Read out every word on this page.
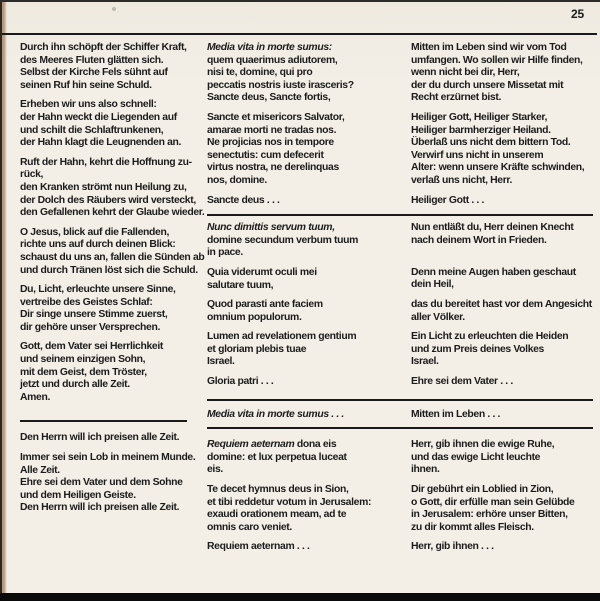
25

Durch ihn schöpft der Schiffer Kraft,
des Meeres Fluten glätten sich.
Selbst der Kirche Fels sühnt auf
seinen Ruf hin seine Schuld.

Erheben wir uns also schnell:
der Hahn weckt die Liegenden auf
und schilt die Schlaftrunkenen,
der Hahn klagt die Leugnenden an.

Ruft der Hahn, kehrt die Hoffnung zu-
rück,
den Kranken strömt nun Heilung zu,
der Dolch des Räubers wird versteckt,
den Gefallenen kehrt der Glaube wieder.

O Jesus, blick auf die Fallenden,
richte uns auf durch deinen Blick:
schaust du uns an, fallen die Sünden ab
und durch Tränen löst sich die Schuld.

Du, Licht, erleuchte unsere Sinne,
vertreibe des Geistes Schlaf:
Dir singe unsere Stimme zuerst,
dir gehöre unser Versprechen.

Gott, dem Vater sei Herrlichkeit
und seinem einzigen Sohn,
mit dem Geist, dem Tröster,
jetzt und durch alle Zeit.
Amen.

Den Herrn will ich preisen alle Zeit.

Immer sei sein Lob in meinem Munde.
Alle Zeit.
Ehre sei dem Vater und dem Sohne
und dem Heiligen Geiste.
Den Herrn will ich preisen alle Zeit.

Media vita in morte sumus:
quem quaerimus adiutorem,
nisi te, domine, qui pro
peccatis nostris iuste irasceris?
Sancte deus, Sancte fortis,

Sancte et misericors Salvator,
amarae morti ne tradas nos.
Ne projicias nos in tempore
senectutis: cum defecerit
virtus nostra, ne derelinquas
nos, domine.

Sancte deus . . .

Mitten im Leben sind wir vom Tod
umfangen. Wo sollen wir Hilfe finden,
wenn nicht bei dir, Herr,
der du durch unsere Missetat mit
Recht erzürnet bist.

Heiliger Gott, Heiliger Starker,
Heiliger barmherziger Heiland.
Überlaß uns nicht dem bittern Tod.
Verwirf uns nicht in unserem
Alter: wenn unsere Kräfte schwinden,
verlaß uns nicht, Herr.

Heiliger Gott . . .

Nunc dimittis servum tuum,
domine secundum verbum tuum
in pace.

Quia viderumt oculi mei
salutare tuum,

Quod parasti ante faciem
omnium populorum.

Lumen ad revelationem gentium
et gloriam plebis tuae
Israel.

Gloria patri . . .

Nun entläßt du, Herr deinen Knecht
nach deinem Wort in Frieden.

Denn meine Augen haben geschaut
dein Heil,

das du bereitet hast vor dem Angesicht
aller Völker.

Ein Licht zu erleuchten die Heiden
und zum Preis deines Volkes
Israel.

Ehre sei dem Vater . . .

Media vita in morte sumus . . .	Mitten im Leben . . .

Requiem aeternam dona eis
domine: et lux perpetua luceat
eis.

Te decet hymnus deus in Sion,
et tibi reddetur votum in Jerusalem:
exaudi orationem meam, ad te
omnis caro veniet.

Requiem aeternam . . .

Herr, gib ihnen die ewige Ruhe,
und das ewige Licht leuchte
ihnen.

Dir gebührt ein Loblied in Zion,
o Gott, dir erfülle man sein Gelübde
in Jerusalem: erhöre unser Bitten,
zu dir kommt alles Fleisch.

Herr, gib ihnen . . .
